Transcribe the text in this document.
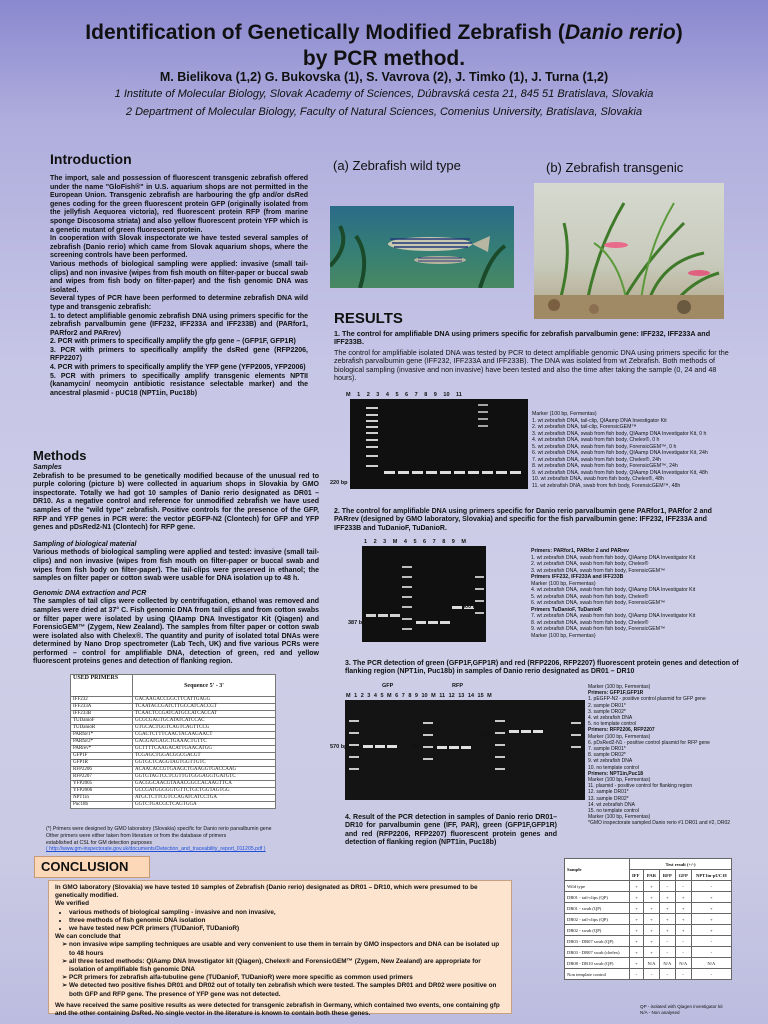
Identification of Genetically Modified Zebrafish (Danio rerio)
by PCR method.
M. Bielikova (1,2) G. Bukovska (1), S. Vavrova (2), J. Timko (1), J. Turna (1,2)
1 Institute of Molecular Biology, Slovak Academy of Sciences, Dúbravská cesta 21, 845 51 Bratislava, Slovakia
2 Department of Molecular Biology, Faculty of Natural Sciences, Comenius University, Bratislava, Slovakia
Introduction

The import, sale and possession of fluorescent transgenic zebrafish offered under the name "GloFish®" in U.S. aquarium shops are not permitted in the European Union. Transgenic zebrafish are harbouring the gfp and/or dsRed genes coding for the green fluorescent protein GFP (originally isolated from the jellyfish Aequorea victoria), red fluorescent protein RFP (from marine sponge Discosoma striata) and also yellow fluorescent protein YFP which is a genetic mutant of green fluorescent protein.

In cooperation with Slovak inspectorate we have tested several samples of zebrafish (Danio rerio) which came from Slovak aquarium shops, where the screening controls have been performed.

Various methods of biological sampling were applied: invasive (small tail-clips) and non invasive (wipes from fish mouth on filter-paper or buccal swab and wipes from fish body on filter-paper) and the fish genomic DNA was isolated.

Several types of PCR have been performed to determine zebrafish DNA wild type and transgenic zebrafish:

1. to detect amplifiable genomic zebrafish DNA using primers specific for the zebrafish parvalbumin gene (IFF232, IFF233A and IFF233B) and (PARfor1, PARfor2 and PARrev)

2. PCR with primers to specifically amplify the gfp gene – (GFP1F, GFP1R)

3. PCR with primers to specifically amplify the dsRed gene (RFP2206, RFP2207)

4. PCR with primers to specifically amplify the YFP gene (YFP2005, YFP2006)

5. PCR with primers to specifically amplify transgenic elements NPTII (kanamycin/ neomycin antibiotic resistance selectable marker) and the ancestral plasmid - pUC18 (NPT1in, Puc18b)

Methods
Samples

Zebrafish to be presumed to be genetically modified because of the unusual red to purple coloring (picture b) were collected in aquarium shops in Slovakia by GMO inspectorate. Totally we had got 10 samples of Danio rerio designated as DR01 – DR10. As a negative control and reference for unmodified zebrafish we have used samples of the "wild type" zebrafish. Positive controls for the presence of the GFP, RFP and YFP genes in PCR were: the vector pEGFP-N2 (Clontech) for GFP and YFP genes and pDsRed2-N1 (Clontech) for RFP gene.

Sampling of biological material

Various methods of biological sampling were applied and tested: invasive (small tail-clips) and non invasive (wipes from fish mouth on filter-paper or buccal swab and wipes from fish body on filter-paper). The tail-clips were preserved in ethanol; the samples on filter paper or cotton swab were usable for DNA isolation up to 48 h.

Genomic DNA extraction and PCR

The samples of tail clips were collected by centrifugation, ethanol was removed and samples were dried at 37° C. Fish genomic DNA from tail clips and from cotton swabs or filter paper were isolated by using QIAamp DNA Investigator Kit (Qiagen) and ForensicGEM™ (Zygem, New Zealand). The samples from filter paper or cotton swab were isolated also with Chelex®. The quantity and purity of isolated total DNAs were determined by Nano Drop spectrometer (Lab Tech, UK) and five various PCRs were performed – control for amplifiable DNA, detection of green, red and yellow fluorescent proteins genes and detection of flanking region.

USED PRIMERS	Sequence 5' - 3'
IFF232	GACAAGACCGGCTTCATTGAGG
IFF233A	TCAATACCGATCTTGCCATCACCGT
IFF233B	TCAACTCCGATCATGCCATCACCAT
TUDanioF	GCGCGAGTGCATATCATCCAC
TUDanioR	GTGCACTGGTCAGTCAGTTCCG
PARfor1*	CGACTCTTTCAACTACAAGAACT
PARfor2*	GAGGATGAGCTGAAACTGTTC
PARrev*	GCTTTTCAAGACATTGAACATGG
GFP1F	TCGAGCTGGACGGCGACGT
GFP1R	GGTGCTCAGGTAGTGGTTGTC
RFP2206	ACAACACCGTGAAGCTGAAGGTGACCAAG
RFP2207	GGTGTAGTCCTCGTTGTGGGAGGTGATGTC
YFP2005	GACGGCAACGTAAACGGCCACAAGTTCA
YFP2006	GCCGATGGGGGTGTTCTGCTGGTAGTGG
NPT1in	ATGCTCTTCGTCCAGATCATCCTGA
Puc18b	GGTCTGACGCTCAGTGGA
(*) Primers were designed by GMO laboratory (Slovakia) specific for Danio rerio parvalbumin gene
Other primers were either taken from literature or from the database of primers
established at CSL for GM detection purposes
( http://www.gm-inspectorate.gov.uk/documents/Detection_and_traceability_report_011205.pdf )
CONCLUSION
In GMO laboratory (Slovakia) we have tested 10 samples of Zebrafish (Danio rerio) designated as DR01 – DR10, which were presumed to be genetically modified.
We verified
• various methods of biological sampling - invasive and non invasive,
• three methods of fish genomic DNA isolation
• we have tested new PCR primers (TUDanioF, TUDanioR)
We can conclude that
➢ non invasive wipe sampling techniques are usable and very convenient to use them in terrain by GMO inspectors and DNA can be isolated up to 48 hours
➢ all three tested methods: QIAamp DNA Investigator kit (Qiagen), Chelex® and ForensicGEM™ (Zygem, New Zealand) are appropriate for isolation of amplifiable fish genomic DNA
➢ PCR primers for zebrafish alfa-tubuline gene (TUDanioF, TUDanioR) were more specific as common used primers
➢ We detected two positive fishes DR01 and DR02 out of totally ten zebrafish which were tested. The samples DR01 and DR02 were positive on both GFP and RFP gene. The presence of YFP gene was not detected.
We have received the same positive results as were detected for transgenic zebrafish in Germany, which contained two events, one containing gfp and the other containing DsRed. No single vector in the literature is known to contain both these genes.
(a) Zebrafish wild type	(b) Zebrafish transgenic
RESULTS
1. The control for amplifiable DNA using primers specific for zebrafish parvalbumin gene: IFF232, IFF233A and IFF233B.
The control for amplifiable isolated DNA was tested by PCR to detect amplifiable genomic DNA using primers specific for the zebrafish parvalbumin gene (IFF232, IFF233A and IFF233B). The DNA was isolated from wt Zebrafish. Both methods of biological sampling (invasive and non invasive) have been tested and also the time after taking the sample (0, 24 and 48 hours).
M 1 2 3 4 5 6 7 8 9 10 11
220 bp
Marker (100 bp, Fermentas)
1. wt zebrafish DNA, tail-clip, QIAamp DNA Investigator Kit
2. wt zebrafish DNA, tail-clip, ForensicGEM™
3. wt zebrafish DNA, swab from fish body, QIAamp DNA Investigator Kit, 0 h
4. wt zebrafish DNA, swab from fish body, Chelex®, 0 h
5. wt zebrafish DNA, swab from fish body, ForensicGEM™, 0 h
6. wt zebrafish DNA, swab from fish body, QIAamp DNA Investigator Kit, 24h
7. wt zebrafish DNA, swab from fish body, Chelex®, 24h
8. wt zebrafish DNA, swab from fish body, ForensicGEM™, 24h
9. wt zebrafish DNA, swab from fish body, QIAamp DNA Investigator Kit, 48h
10. wt zebrafish DNA, swab from fish body, Chelex®, 48h
11. wt zebrafish DNA, swab from fish body, ForensicGEM™, 48h
2. The control for amplifiable DNA using primers specific for Danio rerio parvalbumin gene PARfor1, PARfor 2 and PARrev (designed by GMO laboratory, Slovakia) and specific for the fish parvalbumin gene: IFF232, IFF233A and IFF233B and TuDanioF, TuDanioR.
1 2 3 M 4 5 6 7 8 9 M
387 bp
220 bp
600 bp
Primers: PARfor1, PARfor 2 and PARrev
1. wt zebrafish DNA, swab from fish body, QIAamp DNA Investigator Kit
2. wt zebrafish DNA, swab from fish body, Chelex®
3. wt zebrafish DNA, swab from fish body, ForensicGEM™
Primers IFF232, IFF233A and IFF233B
Marker (100 bp, Fermentas)
4. wt zebrafish DNA, swab from fish body, QIAamp DNA Investigator Kit
5. wt zebrafish DNA, swab from fish body, Chelex®
6. wt zebrafish DNA, swab from fish body, ForensicGEM™
Primers TuDanioF, TuDanioR
7. wt zebrafish DNA, swab from fish body, QIAamp DNA Investigator Kit
8. wt zebrafish DNA, swab from fish body, Chelex®
9. wt zebrafish DNA, swab from fish body, ForensicGEM™
Marker (100 bp, Fermentas)
3. The PCR detection of green (GFP1F,GFP1R) and red (RFP2206, RFP2207) fluorescent protein genes and detection of flanking region (NPT1in, Puc18b) in samples of Danio rerio designated as DR01 – DR10
GFP	RFP
M 1 2 3 4 5 M 6 7 8 9 10 M 11 12 13 14 15 M
570 bp	565
1200
Marker (100 bp, Fermentas)
Primers: GFP1F,GFP1R
1. pEGFP-N2 - positive control plasmid for GFP gene
2. sample DR01*
3. sample DR02*
4. wt zebrafish DNA
5. no template control
Primers: RFP2206, RFP2207
Marker (100 bp, Fermentas)
6. pDsRed2-N1 - positive control plasmid for RFP gene
7. sample DR01*
8. sample DR02*
9. wt zebrafish DNA
10. no template control
Primers: NPT1in,Puc18
Marker (100 bp, Fermentas)
11. plasmid - positive control for flanking region
12. sample DR01*
13. sample DR02*
14. wt zebrafish DNA
15. no template control
Marker (100 bp, Fermentas)
*GMO inspectorate sampled Danio rerio #1 DR01 and #2, DR02
4. Result of the PCR detection in samples of Danio rerio DR01–DR10 for parvalbumin gene (IFF, PAR), green (GFP1F,GFP1R) and red (RFP2206, RFP2207) fluorescent protein genes and detection of flanking region (NPT1in, Puc18b)
Sample	Test result (+/-)				
	IFF	PAR	RFP	GFP	NPT1in-pUC18
Wild type	+	+	-	-	-
DR01 - tail-clips (QP)	+	+	+	+	+
DR01 - swab (QP)	+	+	+	+	+
DR02 - tail-clips (QP)	+	+	+	+	+
DR02 - swab (QP)	+	+	+	+	+
DR03 - DR07 swab (QP)	+	+	-	-	-
DR03 - DR07 swab (chelex)	+	+	-	-	-
DR08 - DR10 swab (QP)	+	N/A	N/A	N/A	N/A
Non template control	-	-	-	-	-
QP - isolated with Qiagen investigator kit
N/A - Non analysed
